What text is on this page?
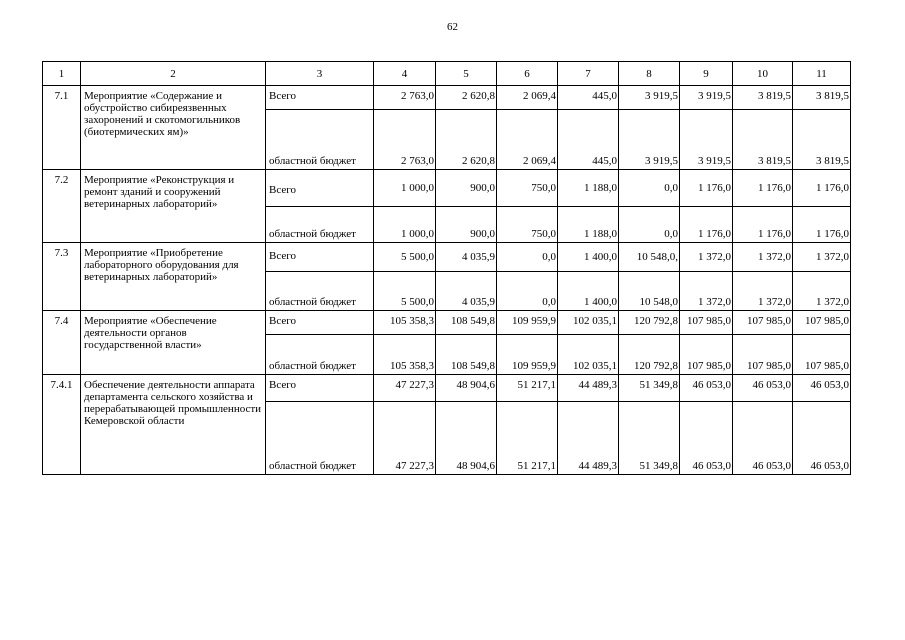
62
1	2	3	4	5	6	7	8	9	10	11
7.1	Мероприятие «Содержание и обустройство сибиреязвенных захоронений и скотомогильников (биотермических ям)»	Всего	2 763,0	2 620,8	2 069,4	445,0	3 919,5	3 919,5	3 819,5	3 819,5
		областной бюджет	2 763,0	2 620,8	2 069,4	445,0	3 919,5	3 919,5	3 819,5	3 819,5
7.2	Мероприятие «Реконструкция и ремонт зданий и сооружений ветеринарных лабораторий»	Всего	1 000,0	900,0	750,0	1 188,0	0,0	1 176,0	1 176,0	1 176,0
		областной бюджет	1 000,0	900,0	750,0	1 188,0	0,0	1 176,0	1 176,0	1 176,0
7.3	Мероприятие «Приобретение лабораторного оборудования для ветеринарных лабораторий»	Всего	5 500,0	4 035,9	0,0	1 400,0	10 548,0,	1 372,0	1 372,0	1 372,0
		областной бюджет	5 500,0	4 035,9	0,0	1 400,0	10 548,0	1 372,0	1 372,0	1 372,0
7.4	Мероприятие «Обеспечение деятельности органов государственной власти»	Всего	105 358,3	108 549,8	109 959,9	102 035,1	120 792,8	107 985,0	107 985,0	107 985,0
		областной бюджет	105 358,3	108 549,8	109 959,9	102 035,1	120 792,8	107 985,0	107 985,0	107 985,0
7.4.1	Обеспечение деятельности аппарата департамента сельского хозяйства и перерабатывающей промышленности Кемеровской области	Всего	47 227,3	48 904,6	51 217,1	44 489,3	51 349,8	46 053,0	46 053,0	46 053,0
		областной бюджет	47 227,3	48 904,6	51 217,1	44 489,3	51 349,8	46 053,0	46 053,0	46 053,0
